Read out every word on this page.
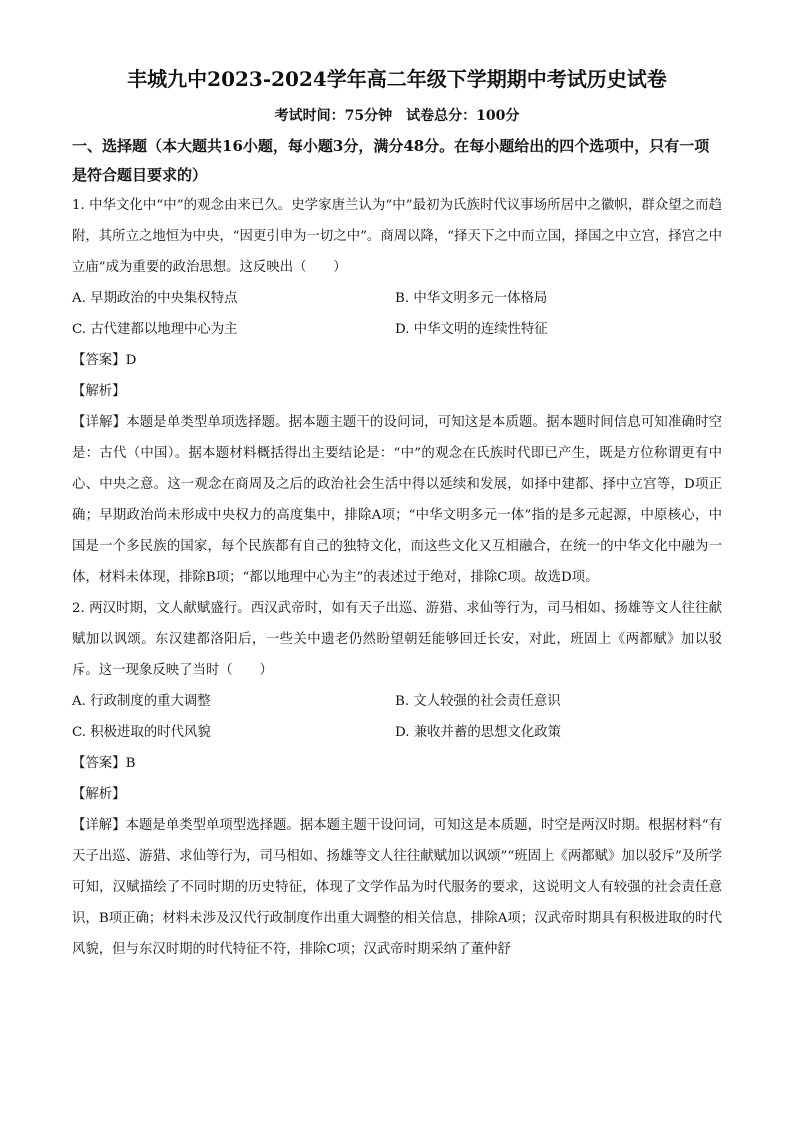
丰城九中2023-2024学年高二年级下学期期中考试历史试卷
考试时间：75分钟　试卷总分：100分
一、选择题（本大题共16小题，每小题3分，满分48分。在每小题给出的四个选项中，只有一项是符合题目要求的）

1. 中华文化中“中”的观念由来已久。史学家唐兰认为“中”最初为氏族时代议事场所居中之徽帜，群众望之而趋附，其所立之地恒为中央，“因更引申为一切之中”。商周以降，“择天下之中而立国，择国之中立宫，择宫之中立庙”成为重要的政治思想。这反映出（　　）

A. 早期政治的中央集权特点	B. 中华文明多元一体格局
C. 古代建都以地理中心为主	D. 中华文明的连续性特征
【答案】D
【解析】

【详解】本题是单类型单项选择题。据本题主题干的设问词，可知这是本质题。据本题时间信息可知准确时空是：古代（中国）。据本题材料概括得出主要结论是：“中”的观念在氏族时代即已产生，既是方位称谓更有中心、中央之意。这一观念在商周及之后的政治社会生活中得以延续和发展，如择中建都、择中立宫等，D项正确；早期政治尚未形成中央权力的高度集中，排除A项；“中华文明多元一体”指的是多元起源，中原核心，中国是一个多民族的国家，每个民族都有自己的独特文化，而这些文化又互相融合，在统一的中华文化中融为一体，材料未体现，排除B项；“都以地理中心为主”的表述过于绝对，排除C项。故选D项。

2. 两汉时期，文人献赋盛行。西汉武帝时，如有天子出巡、游猎、求仙等行为，司马相如、扬雄等文人往往献赋加以讽颂。东汉建都洛阳后，一些关中遗老仍然盼望朝廷能够回迁长安，对此，班固上《两都赋》加以驳斥。这一现象反映了当时（　　）

A. 行政制度的重大调整	B. 文人较强的社会责任意识
C. 积极进取的时代风貌	D. 兼收并蓄的思想文化政策
【答案】B
【解析】

【详解】本题是单类型单项型选择题。据本题主题干设问词，可知这是本质题，时空是两汉时期。根据材料“有天子出巡、游猎、求仙等行为，司马相如、扬雄等文人往往献赋加以讽颂”“班固上《两都赋》加以驳斥”及所学可知，汉赋描绘了不同时期的历史特征，体现了文学作品为时代服务的要求，这说明文人有较强的社会责任意识，B项正确；材料未涉及汉代行政制度作出重大调整的相关信息，排除A项；汉武帝时期具有积极进取的时代风貌，但与东汉时期的时代特征不符，排除C项；汉武帝时期采纳了董仲舒
